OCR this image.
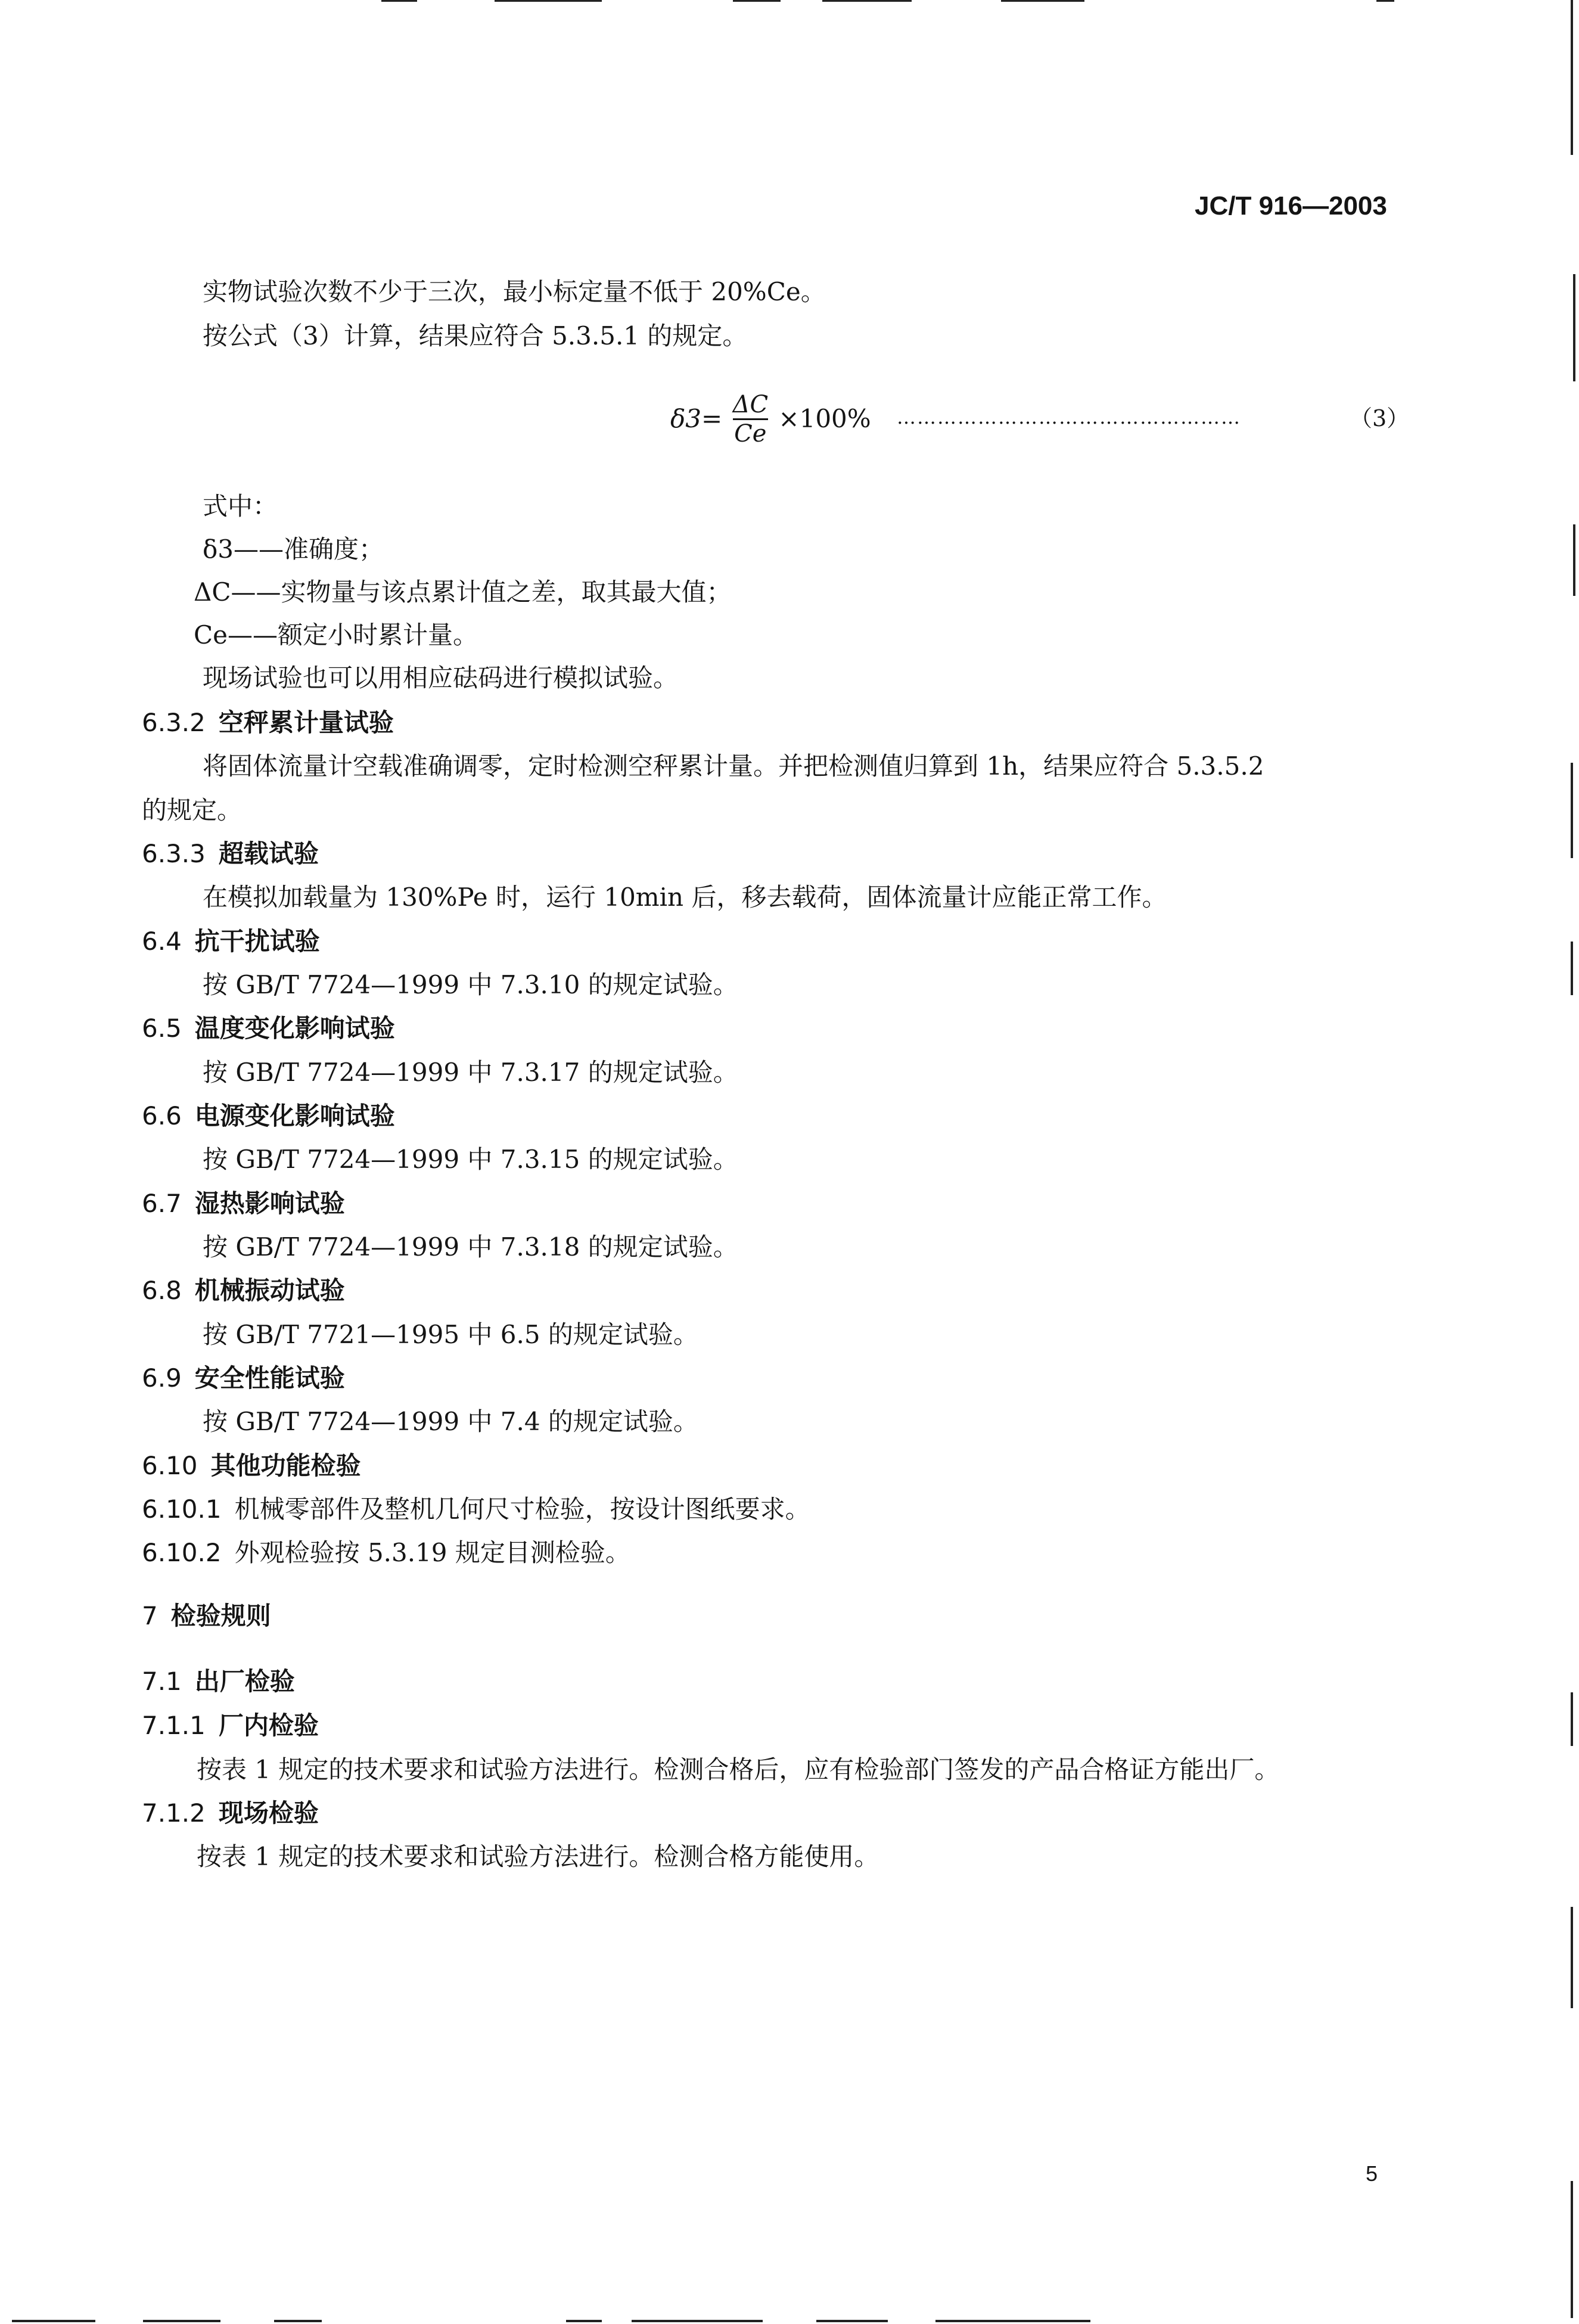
JC/T 916—2003
实物试验次数不少于三次，最小标定量不低于 20%Ce。
按公式（3）计算，结果应符合 5.3.5.1 的规定。
$\delta 3= \frac{\Delta C}{Ce} \times 100\%$ ……………………………………………	（3）
式中：
δ3——准确度；
ΔC——实物量与该点累计值之差，取其最大值；
Ce——额定小时累计量。
现场试验也可以用相应砝码进行模拟试验。
6.3.2 空秤累计量试验
将固体流量计空载准确调零，定时检测空秤累计量。并把检测值归算到 1h，结果应符合 5.3.5.2
的规定。
6.3.3 超载试验
在模拟加载量为 130%Pe 时，运行 10min 后，移去载荷，固体流量计应能正常工作。
6.4 抗干扰试验
按 GB/T 7724—1999 中 7.3.10 的规定试验。
6.5 温度变化影响试验
按 GB/T 7724—1999 中 7.3.17 的规定试验。
6.6 电源变化影响试验
按 GB/T 7724—1999 中 7.3.15 的规定试验。
6.7 湿热影响试验
按 GB/T 7724—1999 中 7.3.18 的规定试验。
6.8 机械振动试验
按 GB/T 7721—1995 中 6.5 的规定试验。
6.9 安全性能试验
按 GB/T 7724—1999 中 7.4 的规定试验。
6.10 其他功能检验
6.10.1 机械零部件及整机几何尺寸检验，按设计图纸要求。
6.10.2 外观检验按 5.3.19 规定目测检验。
7 检验规则
7.1 出厂检验
7.1.1 厂内检验
按表 1 规定的技术要求和试验方法进行。检测合格后，应有检验部门签发的产品合格证方能出厂。
7.1.2 现场检验
按表 1 规定的技术要求和试验方法进行。检测合格方能使用。
5
